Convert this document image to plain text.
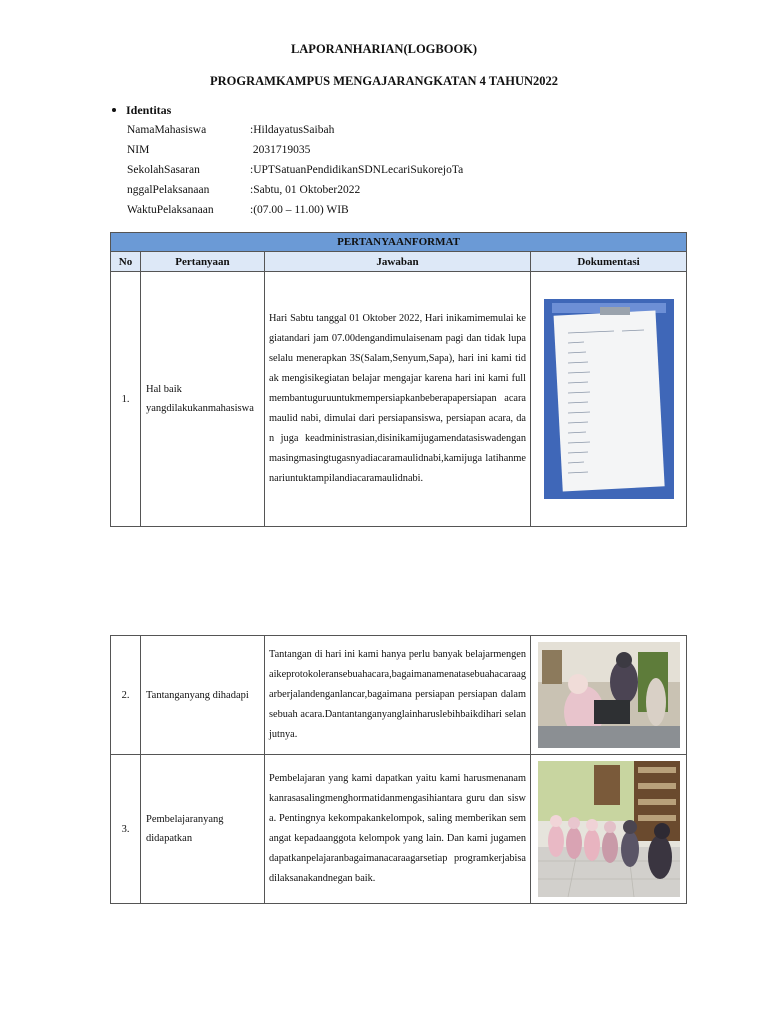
LAPORANHARIAN(LOGBOOK)
PROGRAMKAMPUS MENGAJARANGKATAN 4 TAHUN2022
Identitas
NamaMahasiswa	:HildayatusSaibah
NIM	2031719035
SekolahSasaran	:UPTSatuanPendidikanSDNLecariSukorejoTa
nggalPelaksanaan	:Sabtu, 01 Oktober2022
WaktuPelaksanaan	:(07.00 – 11.00) WIB
PERTANYAANFORMAT			
No	Pertanyaan	Jawaban	Dokumentasi
1.	Hal baik yangdilakukanmahasiswa	Hari Sabtu tanggal 01 Oktober 2022, Hari inikamimemulai kegiatandari jam 07.00dengandimulaisenam pagi dan tidak lupa selalu menerapkan 3S(Salam,Senyum,Sapa), hari ini kami tidak mengisikegiatan belajar mengajar karena hari ini kami fullmembantuguruuntukmempersiapkanbeberapapersiapan acara maulid nabi, dimulai dari persiapansiswa, persiapan acara, dan juga keadministrasian,disinikamijugamendatasiswadenganmasingmasingtugasnyadiacaramaulidnabi,kamijuga latihanmenariuntuktampilandiacaramaulidnabi.	
2.	Tantanganyang dihadapi	Tantangan di hari ini kami hanya perlu banyak belajarmengenaikeprotokoleransebuahacara,bagaimanamenatasebuahacaraagarberjalandenganlancar,bagaimana persiapan persiapan dalamsebuah acara.Dantantanganyanglainharuslebihbaikdihari selanjutnya.	

3.	Pembelajaranyang didapatkan	Pembelajaran yang kami dapatkan yaitu kami harusmenanamkanrasasalingmenghormatidanmengasihiantara guru dan siswa. Pentingnya kekompakankelompok, saling memberikan semangat kepadaanggota kelompok yang lain. Dan kami jugamendapatkanpelajaranbagaimanacaraagarsetiap programkerjabisadilaksanakandnegan baik.	
